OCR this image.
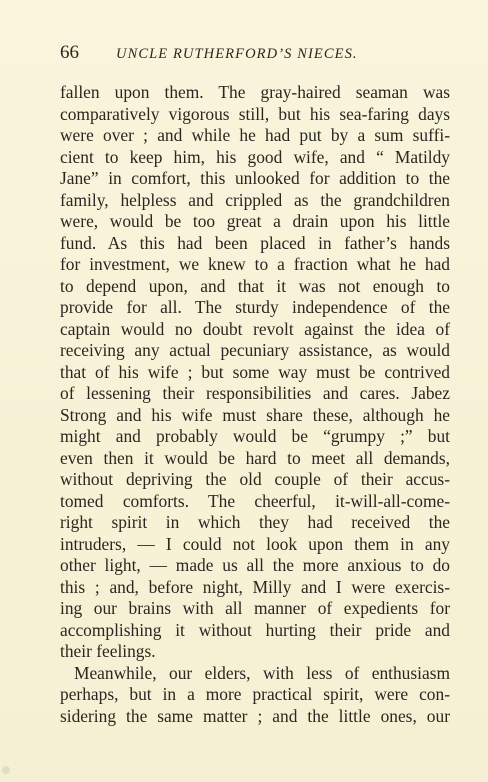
66	UNCLE RUTHERFORD’S NIECES.
fallen upon them. The gray-haired seaman was
comparatively vigorous still, but his sea-faring days
were over ; and while he had put by a sum suffi-
cient to keep him, his good wife, and “ Matildy
Jane” in comfort, this unlooked for addition to the
family, helpless and crippled as the grandchildren
were, would be too great a drain upon his little
fund. As this had been placed in father’s hands
for investment, we knew to a fraction what he had
to depend upon, and that it was not enough to
provide for all. The sturdy independence of the
captain would no doubt revolt against the idea of
receiving any actual pecuniary assistance, as would
that of his wife ; but some way must be contrived
of lessening their responsibilities and cares. Jabez
Strong and his wife must share these, although he
might and probably would be “grumpy ;” but
even then it would be hard to meet all demands,
without depriving the old couple of their accus-
tomed comforts. The cheerful, it-will-all-come-
right spirit in which they had received the
intruders, — I could not look upon them in any
other light, — made us all the more anxious to do
this ; and, before night, Milly and I were exercis-
ing our brains with all manner of expedients for
accomplishing it without hurting their pride and
their feelings.
Meanwhile, our elders, with less of enthusiasm
perhaps, but in a more practical spirit, were con-
sidering the same matter ; and the little ones, our
